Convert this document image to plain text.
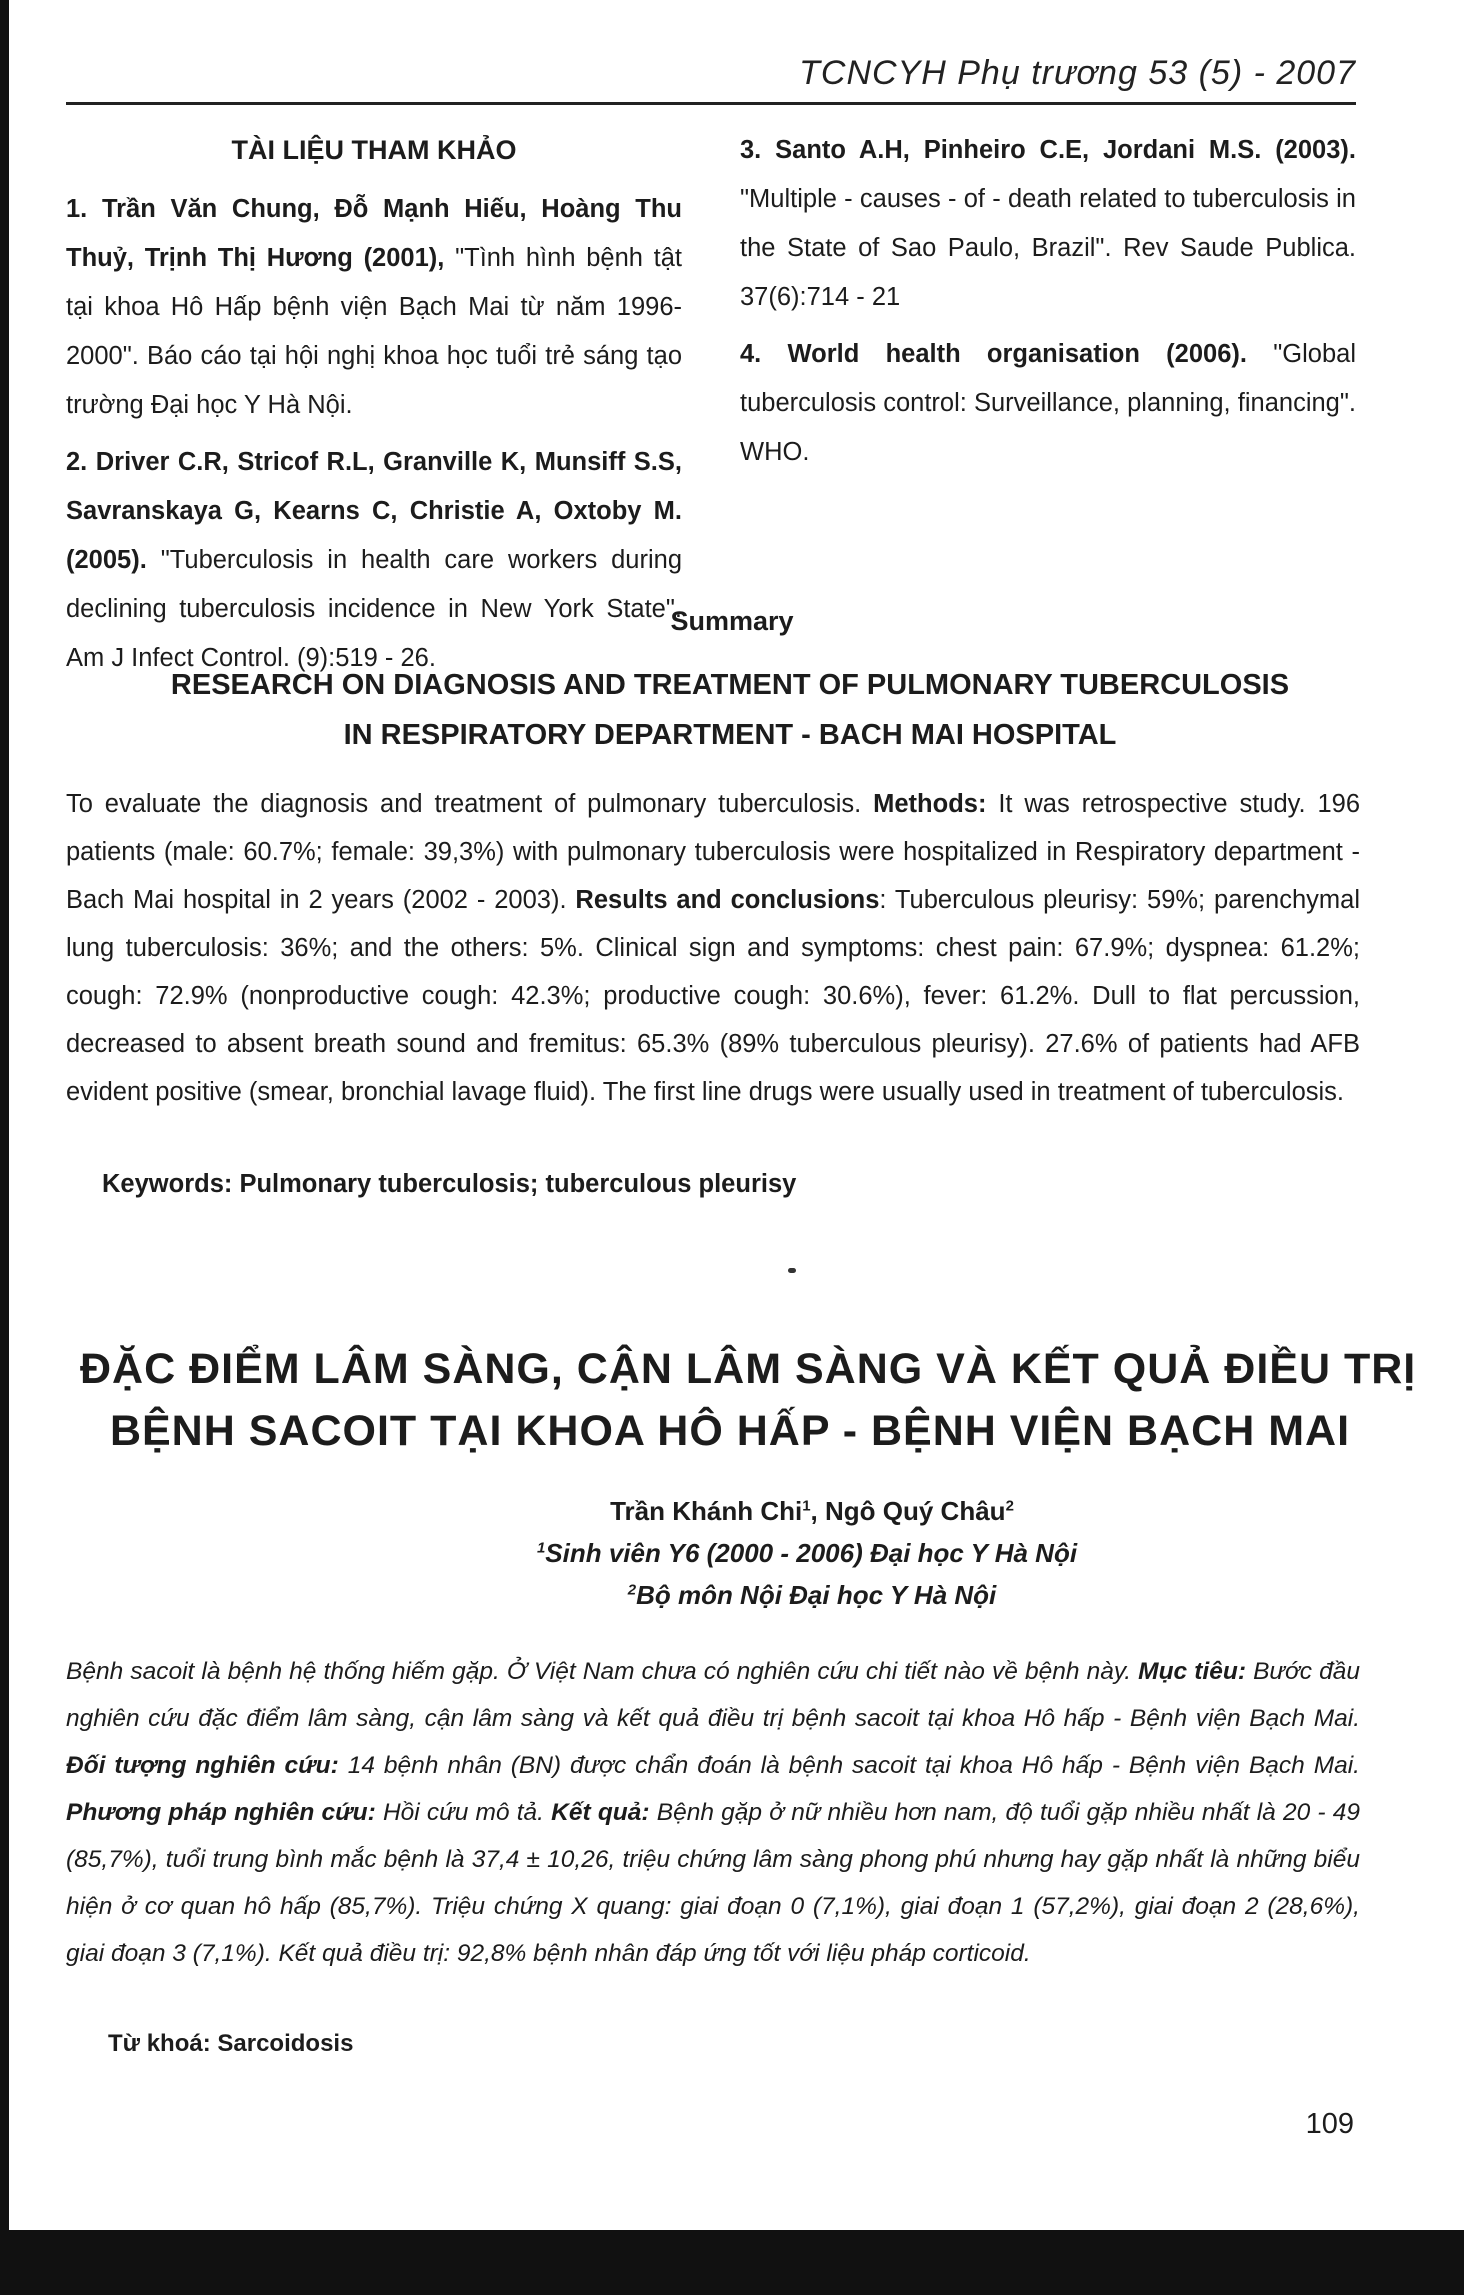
TCNCYH Phụ trương 53 (5) - 2007

TÀI LIỆU THAM KHẢO

1. Trần Văn Chung, Đỗ Mạnh Hiếu, Hoàng Thu Thuỷ, Trịnh Thị Hương (2001), "Tình hình bệnh tật tại khoa Hô Hấp bệnh viện Bạch Mai từ năm 1996- 2000". Báo cáo tại hội nghị khoa học tuổi trẻ sáng tạo trường Đại học Y Hà Nội.

2. Driver C.R, Stricof R.L, Granville K, Munsiff S.S, Savranskaya G, Kearns C, Christie A, Oxtoby M. (2005). "Tuberculosis in health care workers during declining tuberculosis incidence in New York State". Am J Infect Control. (9):519 - 26.

3. Santo A.H, Pinheiro C.E, Jordani M.S. (2003). "Multiple - causes - of - death related to tuberculosis in the State of Sao Paulo, Brazil". Rev Saude Publica. 37(6):714 - 21

4. World health organisation (2006). "Global tuberculosis control: Surveillance, planning, financing". WHO.

Summary
RESEARCH ON DIAGNOSIS AND TREATMENT OF PULMONARY TUBERCULOSIS
IN RESPIRATORY DEPARTMENT - BACH MAI HOSPITAL

To evaluate the diagnosis and treatment of pulmonary tuberculosis. Methods: It was retrospective study. 196 patients (male: 60.7%; female: 39,3%) with pulmonary tuberculosis were hospitalized in Respiratory department - Bach Mai hospital in 2 years (2002 - 2003). Results and conclusions: Tuberculous pleurisy: 59%; parenchymal lung tuberculosis: 36%; and the others: 5%. Clinical sign and symptoms: chest pain: 67.9%; dyspnea: 61.2%; cough: 72.9% (nonproductive cough: 42.3%; productive cough: 30.6%), fever: 61.2%. Dull to flat percussion, decreased to absent breath sound and fremitus: 65.3% (89% tuberculous pleurisy). 27.6% of patients had AFB evident positive (smear, bronchial lavage fluid). The first line drugs were usually used in treatment of tuberculosis.

Keywords: Pulmonary tuberculosis; tuberculous pleurisy
ĐẶC ĐIỂM LÂM SÀNG, CẬN LÂM SÀNG VÀ KẾT QUẢ ĐIỀU TRỊ
BỆNH SACOIT TẠI KHOA HÔ HẤP - BỆNH VIỆN BẠCH MAI
Trần Khánh Chi$^1$, Ngô Quý Châu$^2$
$^1$Sinh viên Y6 (2000 - 2006) Đại học Y Hà Nội
$^2$Bộ môn Nội Đại học Y Hà Nội

Bệnh sacoit là bệnh hệ thống hiếm gặp. Ở Việt Nam chưa có nghiên cứu chi tiết nào về bệnh này. Mục tiêu: Bước đầu nghiên cứu đặc điểm lâm sàng, cận lâm sàng và kết quả điều trị bệnh sacoit tại khoa Hô hấp - Bệnh viện Bạch Mai. Đối tượng nghiên cứu: 14 bệnh nhân (BN) được chẩn đoán là bệnh sacoit tại khoa Hô hấp - Bệnh viện Bạch Mai. Phương pháp nghiên cứu: Hồi cứu mô tả. Kết quả: Bệnh gặp ở nữ nhiều hơn nam, độ tuổi gặp nhiều nhất là 20 - 49 (85,7%), tuổi trung bình mắc bệnh là 37,4 ± 10,26, triệu chứng lâm sàng phong phú nhưng hay gặp nhất là những biểu hiện ở cơ quan hô hấp (85,7%). Triệu chứng X quang: giai đoạn 0 (7,1%), giai đoạn 1 (57,2%), giai đoạn 2 (28,6%), giai đoạn 3 (7,1%). Kết quả điều trị: 92,8% bệnh nhân đáp ứng tốt với liệu pháp corticoid.

Từ khoá: Sarcoidosis
109
